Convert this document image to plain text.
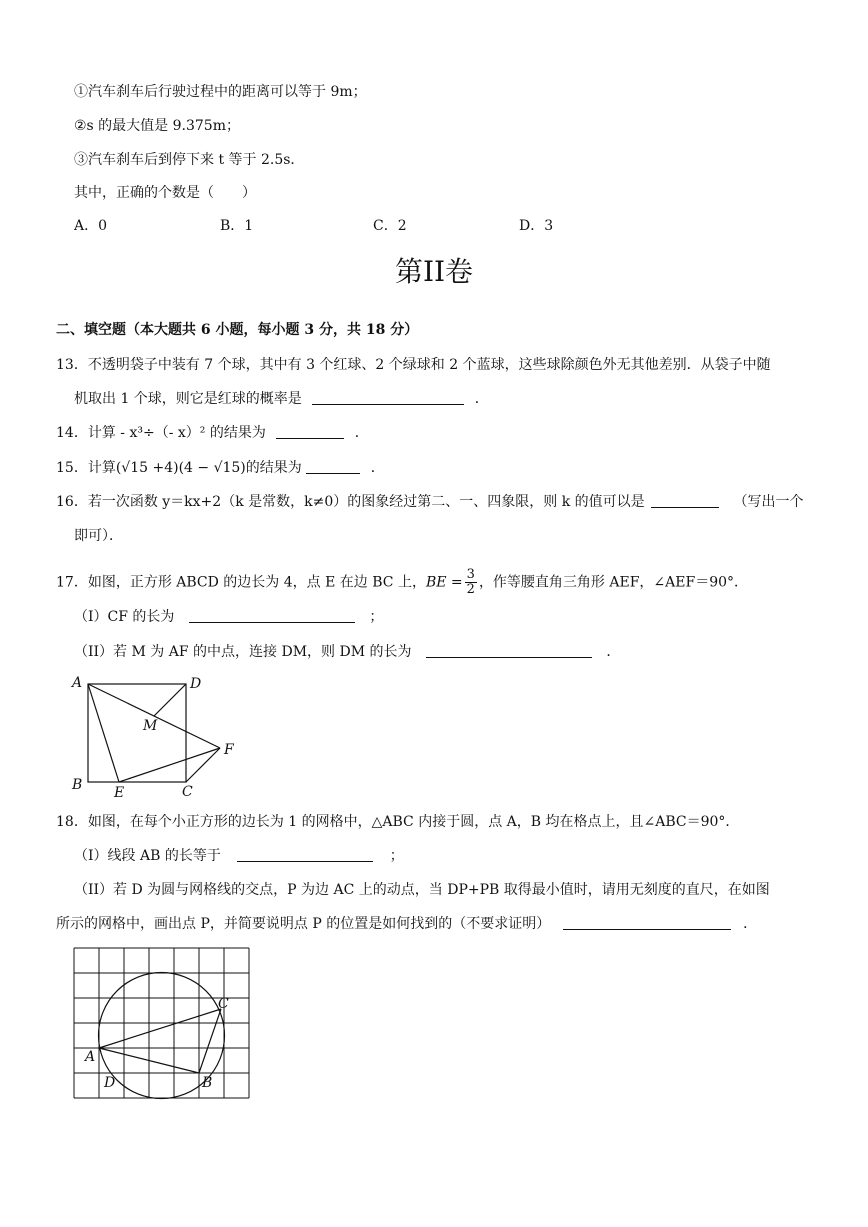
①汽车刹车后行驶过程中的距离可以等于 9m；
②s 的最大值是 9.375m；
③汽车刹车后到停下来 t 等于 2.5s．
其中，正确的个数是（　　）
A．0	B．1	C．2	D．3
第II卷
二、填空题（本大题共 6 小题，每小题 3 分，共 18 分）
13．不透明袋子中装有 7 个球，其中有 3 个红球、2 个绿球和 2 个蓝球，这些球除颜色外无其他差别．从袋子中随
机取出 1 个球，则它是红球的概率是	．
14．计算 - x³÷（- x）² 的结果为	．
15．计算(√15 +4)(4 − √15)的结果为	．
16．若一次函数 y＝kx+2（k 是常数，k≠0）的图象经过第二、一、四象限，则 k 的值可以是	（写出一个
即可）．
17．如图，正方形 ABCD 的边长为 4，点 E 在边 BC 上，BE = $\frac{3}{2}$ ，作等腰直角三角形 AEF，∠AEF＝90°．
（I）CF 的长为	；
（II）若 M 为 AF 的中点，连接 DM，则 DM 的长为	．
A	D
B E	C
F
M
18．如图，在每个小正方形的边长为 1 的网格中，△ABC 内接于圆，点 A，B 均在格点上，且∠ABC＝90°．
（I）线段 AB 的长等于	；
（II）若 D 为圆与网格线的交点，P 为边 AC 上的动点，当 DP+PB 取得最小值时，请用无刻度的直尺，在如图
所示的网格中，画出点 P，并简要说明点 P 的位置是如何找到的（不要求证明）	．
A
C
D	B
